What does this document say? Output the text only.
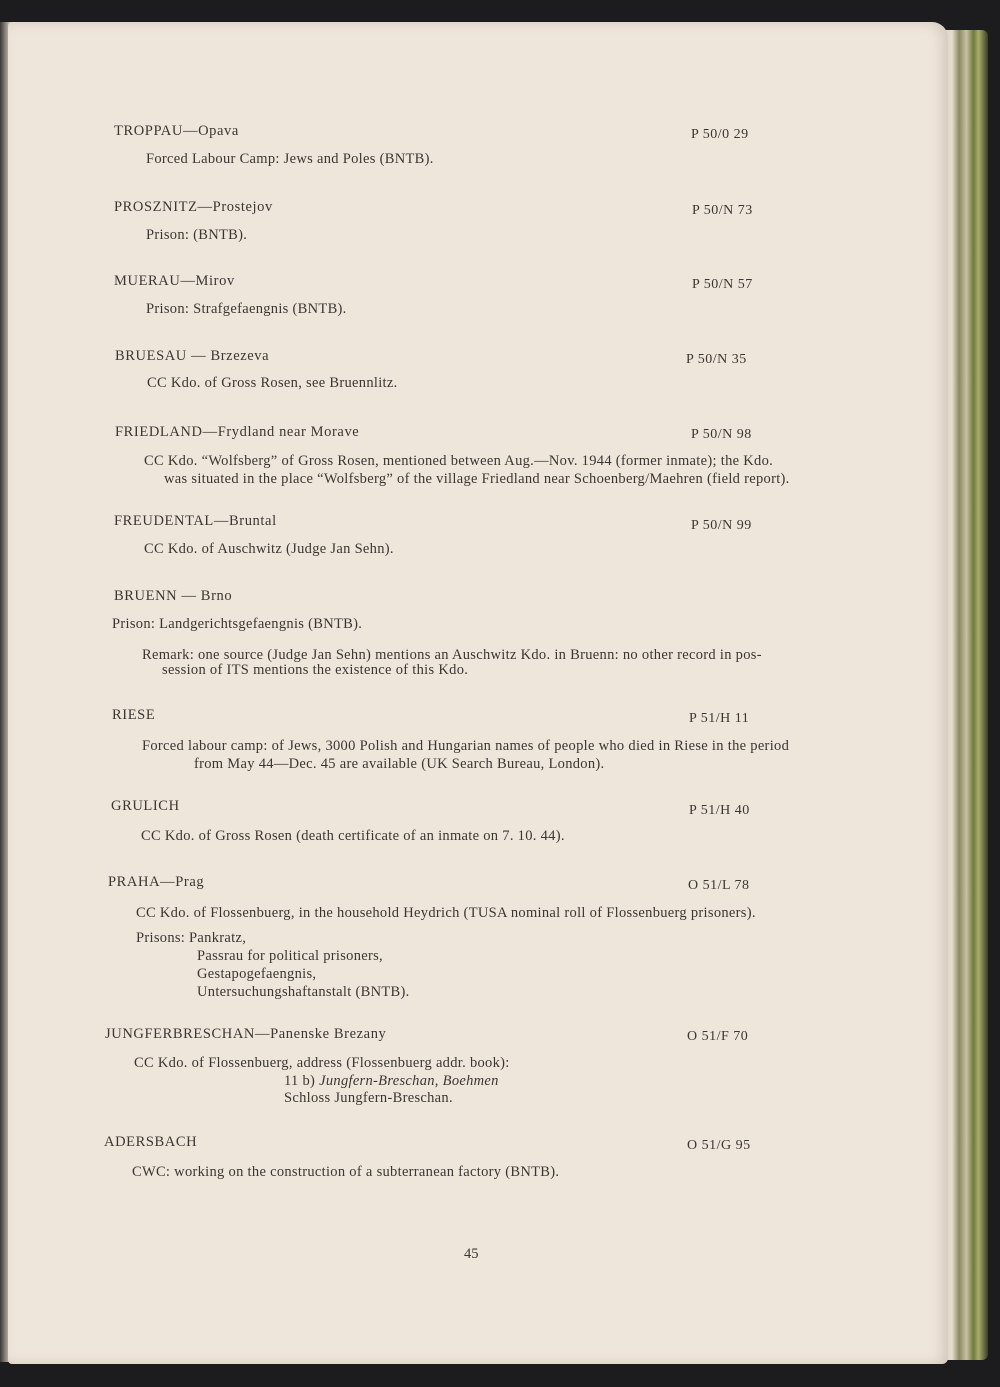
TROPPAU—Opava	P 50/0 29
Forced Labour Camp: Jews and Poles (BNTB).
PROSZNITZ—Prostejov	P 50/N 73
Prison: (BNTB).
MUERAU—Mirov	P 50/N 57
Prison: Strafgefaengnis (BNTB).
BRUESAU — Brzezeva	P 50/N 35
CC Kdo. of Gross Rosen, see Bruennlitz.
FRIEDLAND—Frydland near Morave	P 50/N 98
CC Kdo. “Wolfsberg” of Gross Rosen, mentioned between Aug.—Nov. 1944 (former inmate); the Kdo.
was situated in the place “Wolfsberg” of the village Friedland near Schoenberg/Maehren (field report).
FREUDENTAL—Bruntal	P 50/N 99
CC Kdo. of Auschwitz (Judge Jan Sehn).
BRUENN — Brno
Prison: Landgerichtsgefaengnis (BNTB).
Remark: one source (Judge Jan Sehn) mentions an Auschwitz Kdo. in Bruenn: no other record in pos-
session of ITS mentions the existence of this Kdo.
RIESE	P 51/H 11
Forced labour camp: of Jews, 3000 Polish and Hungarian names of people who died in Riese in the period
from May 44—Dec. 45 are available (UK Search Bureau, London).
GRULICH	P 51/H 40
CC Kdo. of Gross Rosen (death certificate of an inmate on 7. 10. 44).
PRAHA—Prag	O 51/L 78
CC Kdo. of Flossenbuerg, in the household Heydrich (TUSA nominal roll of Flossenbuerg prisoners).
Prisons: Pankratz,
Passrau for political prisoners,
Gestapogefaengnis,
Untersuchungshaftanstalt (BNTB).
JUNGFERBRESCHAN—Panenske Brezany	O 51/F 70
CC Kdo. of Flossenbuerg, address (Flossenbuerg addr. book):
11 b) Jungfern-Breschan, Boehmen
Schloss Jungfern-Breschan.
ADERSBACH	O 51/G 95
CWC: working on the construction of a subterranean factory (BNTB).
45
